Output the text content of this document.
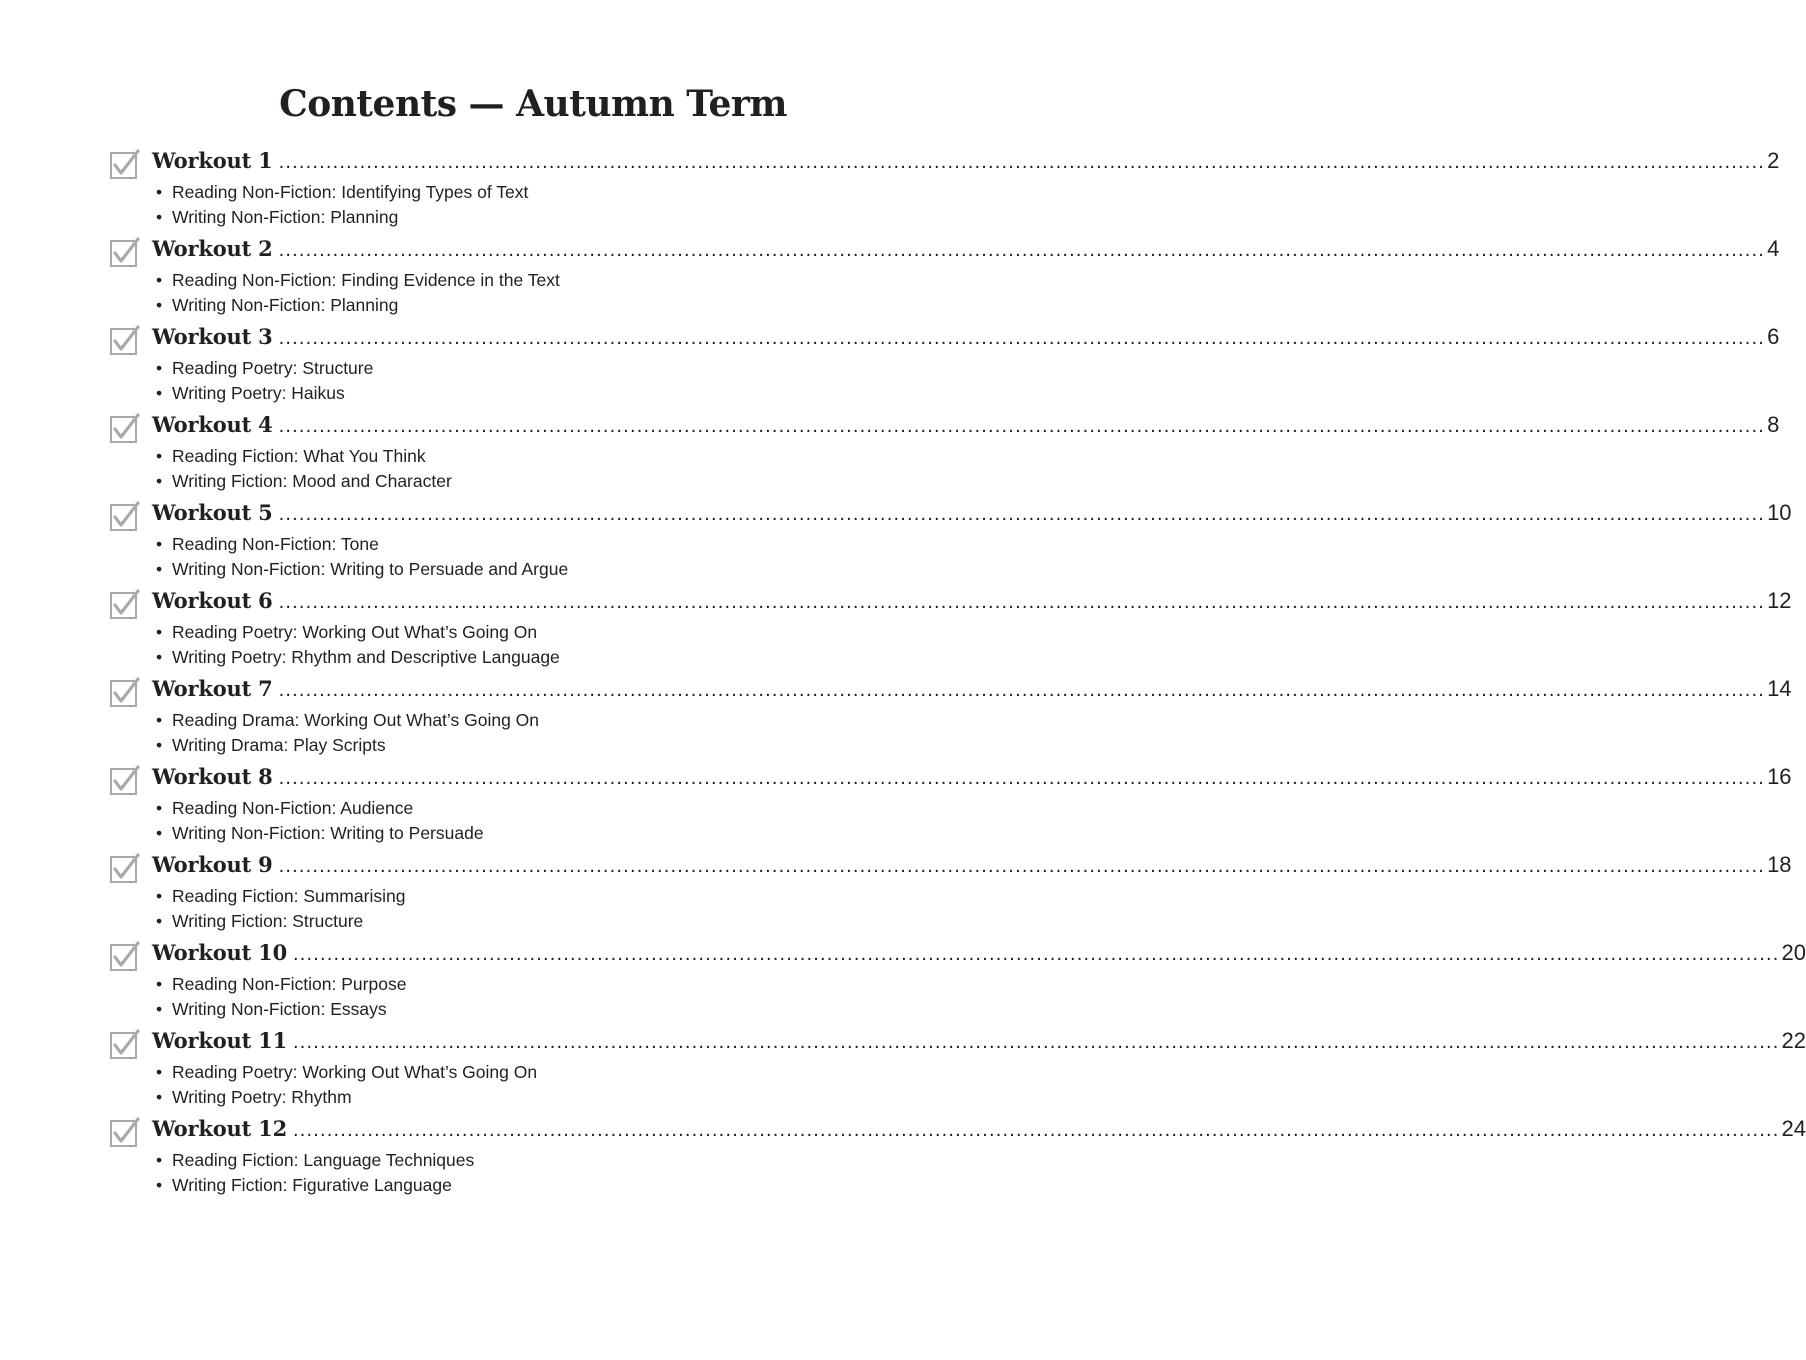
Contents — Autumn Term
Workout 1 ............................................................................................................................................................................................................................ 2
• Reading Non-Fiction: Identifying Types of Text
• Writing Non-Fiction: Planning
Workout 2 ............................................................................................................................................................................................................................ 4
• Reading Non-Fiction: Finding Evidence in the Text
• Writing Non-Fiction: Planning
Workout 3 ............................................................................................................................................................................................................................ 6
• Reading Poetry: Structure
• Writing Poetry: Haikus
Workout 4 ............................................................................................................................................................................................................................ 8
• Reading Fiction: What You Think
• Writing Fiction: Mood and Character
Workout 5 ............................................................................................................................................................................................................................ 10
• Reading Non-Fiction: Tone
• Writing Non-Fiction: Writing to Persuade and Argue
Workout 6 ............................................................................................................................................................................................................................ 12
• Reading Poetry: Working Out What’s Going On
• Writing Poetry: Rhythm and Descriptive Language
Workout 7 ............................................................................................................................................................................................................................ 14
• Reading Drama: Working Out What’s Going On
• Writing Drama: Play Scripts
Workout 8 ............................................................................................................................................................................................................................ 16
• Reading Non-Fiction: Audience
• Writing Non-Fiction: Writing to Persuade
Workout 9 ............................................................................................................................................................................................................................ 18
• Reading Fiction: Summarising
• Writing Fiction: Structure
Workout 10 ............................................................................................................................................................................................................................ 20
• Reading Non-Fiction: Purpose
• Writing Non-Fiction: Essays
Workout 11 ............................................................................................................................................................................................................................ 22
• Reading Poetry: Working Out What’s Going On
• Writing Poetry: Rhythm
Workout 12 ............................................................................................................................................................................................................................ 24
• Reading Fiction: Language Techniques
• Writing Fiction: Figurative Language
